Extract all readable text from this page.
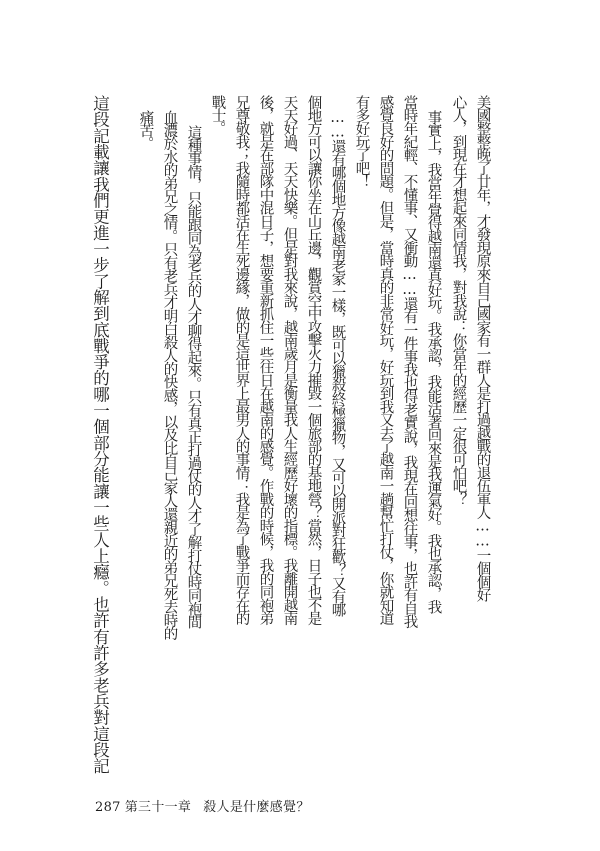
美國整整晚了廿年，才發現原來自己國家有一群人是打過越戰的退伍軍人……一個個好
心人，到現在才想起來同情我，對我說：你當年的經歷一定很可怕吧？
事實上，我當年覺得越南還真好玩。我承認，我能活著回來是我運氣好。我也承認，我
當時年紀輕、不懂事、又衝動……還有一件事我也得老實說，我現在回想往事，也許有自我
感覺良好的問題。但是，當時真的非常好玩，好玩到我又去了越南一趟幫忙打仗，你就知道
有多好玩了吧！
……還有哪個地方像越南老家一樣，既可以獵殺終極獵物，又可以開派對狂歡？又有哪
個地方可以讓你坐在山丘邊，觀賞空中攻擊火力摧毀一個旅部的基地營？當然，日子也不是
天天好過、天天快樂。但是對我來說，越南歲月是衡量我人生經歷好壞的指標。我離開越南
後，就是在部隊中混日子，想要重新抓住一些往日在越南的感覺。作戰的時候，我的同袍弟
兄尊敬我；我隨時都活在生死邊緣，做的是這世界上最男人的事情：我是為了戰爭而存在的
戰士。
這種事情，只能跟同為老兵的人才聊得起來。只有真正打過仗的人才了解打仗時同袍間
血濃於水的弟兄之情。只有老兵才明白殺人的快感，以及比自己家人還親近的弟兄死去時的
痛苦。
這段記載讓我們更進一步了解到底戰爭的哪一個部分能讓一些人上癮。也許有許多老兵對這段記
287 第三十一章 殺人是什麼感覺？
